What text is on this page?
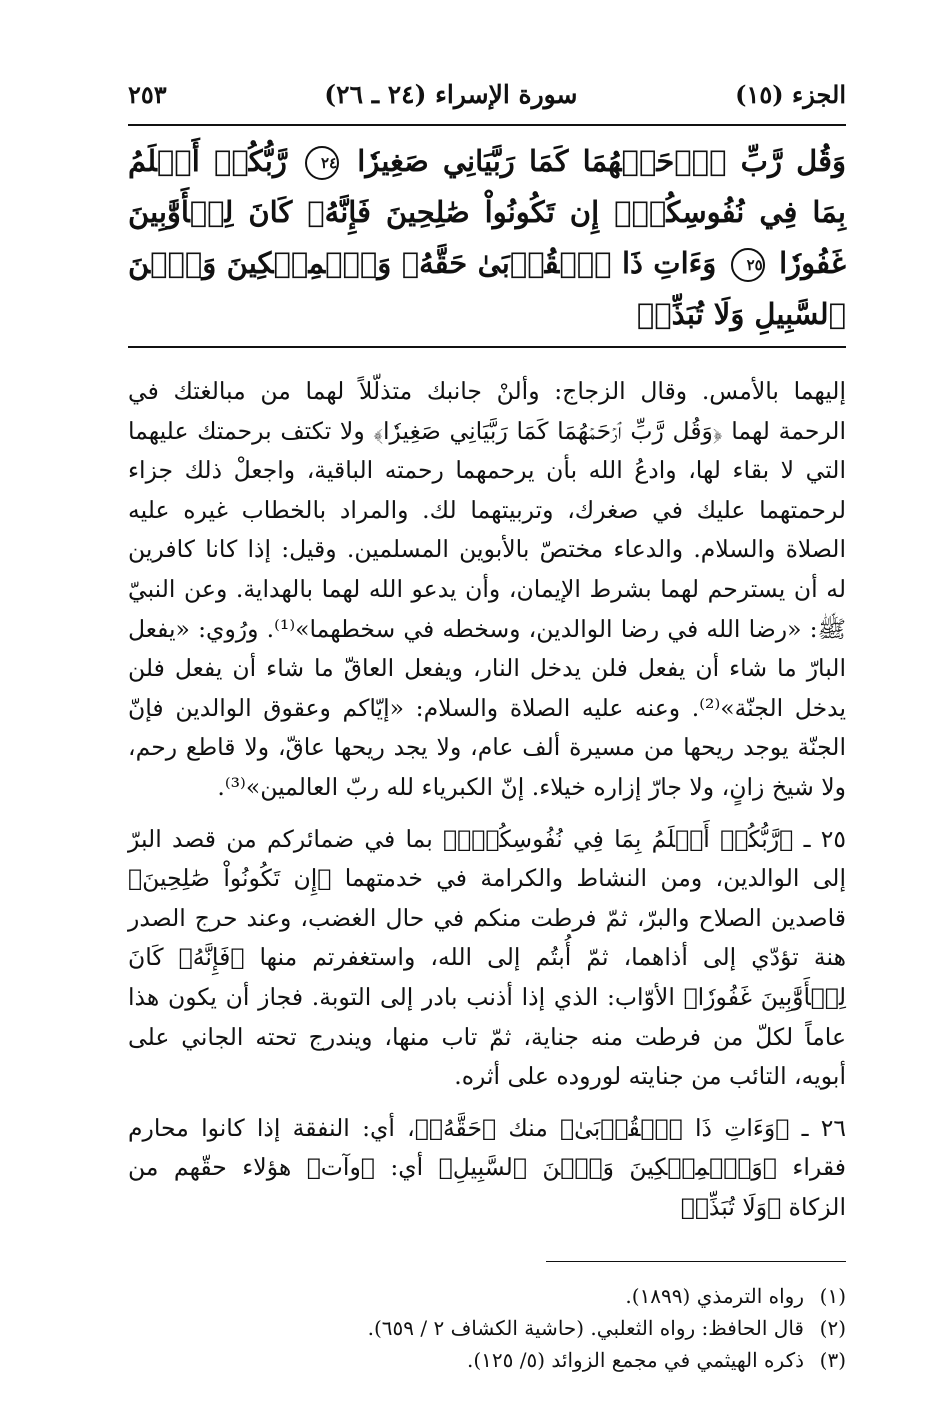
الجزء (١٥)
سورة الإسراء (٢٤ ـ ٢٦)
٢٥٣
وَقُل رَّبِّ ٱرۡحَمۡهُمَا كَمَا رَبَّيَانِي صَغِيرٗا ٢٤ رَّبُّكُمۡ أَعۡلَمُ بِمَا فِي نُفُوسِكُمۡۚ إِن تَكُونُواْ صَٰلِحِينَ فَإِنَّهُۥ كَانَ لِلۡأَوَّٰبِينَ غَفُورٗا ٢٥ وَءَاتِ ذَا ٱلۡقُرۡبَىٰ حَقَّهُۥ وَٱلۡمِسۡكِينَ وَٱبۡنَ ٱلسَّبِيلِ وَلَا تُبَذِّرۡ

إليهما بالأمس. وقال الزجاج: وألنْ جانبك متذلّلاً لهما من مبالغتك في الرحمة لهما ﴿وَقُل رَّبِّ ٱرۡحَمۡهُمَا كَمَا رَبَّيَانِي صَغِيرٗا﴾ ولا تكتف برحمتك عليهما التي لا بقاء لها، وادعُ الله بأن يرحمهما رحمته الباقية، واجعلْ ذلك جزاء لرحمتهما عليك في صغرك، وتربيتهما لك. والمراد بالخطاب غيره عليه الصلاة والسلام. والدعاء مختصّ بالأبوين المسلمين. وقيل: إذا كانا كافرين له أن يسترحم لهما بشرط الإيمان، وأن يدعو الله لهما بالهداية. وعن النبيّ ﷺ: «رضا الله في رضا الوالدين، وسخطه في سخطهما»⁽¹⁾. ورُوي: «يفعل البارّ ما شاء أن يفعل فلن يدخل النار، ويفعل العاقّ ما شاء أن يفعل فلن يدخل الجنّة»⁽²⁾. وعنه عليه الصلاة والسلام: «إيّاكم وعقوق الوالدين فإنّ الجنّة يوجد ريحها من مسيرة ألف عام، ولا يجد ريحها عاقّ، ولا قاطع رحم، ولا شيخ زانٍ، ولا جارّ إزاره خيلاء. إنّ الكبرياء لله ربّ العالمين»⁽³⁾.

٢٥ ـ ﴿رَّبُّكُمۡ أَعۡلَمُ بِمَا فِي نُفُوسِكُمۡۚ﴾ بما في ضمائركم من قصد البرّ إلى الوالدين، ومن النشاط والكرامة في خدمتهما ﴿إِن تَكُونُواْ صَٰلِحِينَ﴾ قاصدين الصلاح والبرّ، ثمّ فرطت منكم في حال الغضب، وعند حرج الصدر هنة تؤدّي إلى أذاهما، ثمّ أُبتُم إلى الله، واستغفرتم منها ﴿فَإِنَّهُۥ كَانَ لِلۡأَوَّٰبِينَ غَفُورٗا﴾ الأوّاب: الذي إذا أذنب بادر إلى التوبة. فجاز أن يكون هذا عاماً لكلّ من فرطت منه جناية، ثمّ تاب منها، ويندرج تحته الجاني على أبويه، التائب من جنايته لوروده على أثره.

٢٦ ـ ﴿وَءَاتِ ذَا ٱلۡقُرۡبَىٰ﴾ منك ﴿حَقَّهُۥ﴾، أي: النفقة إذا كانوا محارم فقراء ﴿وَٱلۡمِسۡكِينَ وَٱبۡنَ ٱلسَّبِيلِ﴾ أي: ﴿وآت﴾ هؤلاء حقّهم من الزكاة ﴿وَلَا تُبَذِّرۡ

(١)
رواه الترمذي (١٨٩٩).
(٢)
قال الحافظ: رواه الثعلبي. (حاشية الكشاف ٢ / ٦٥٩).
(٣)
ذكره الهيثمي في مجمع الزوائد (٥/ ١٢٥).
